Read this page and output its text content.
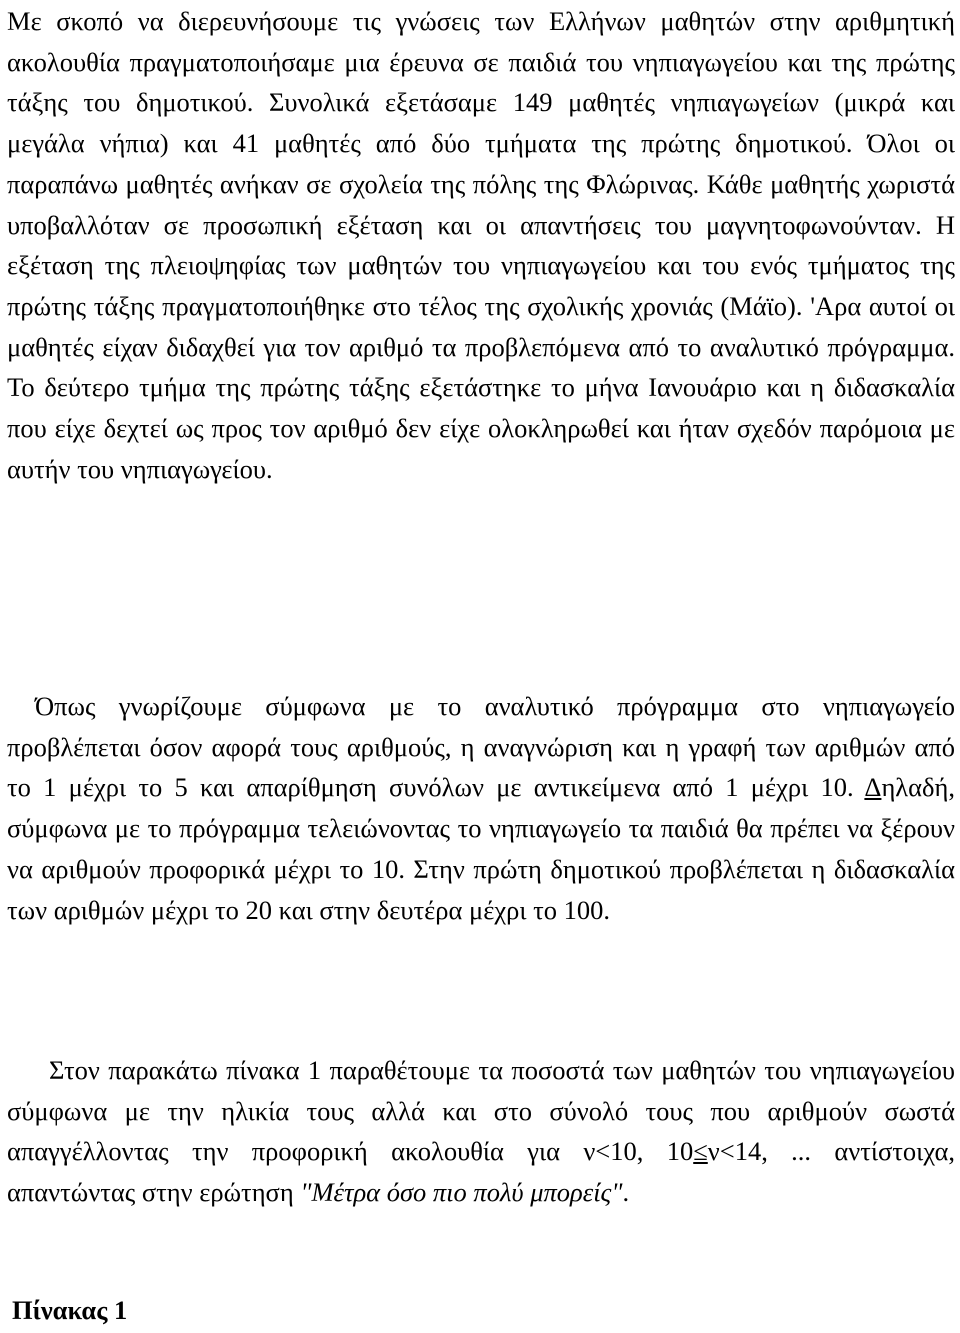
Με σκοπό να διερευνήσουμε τις γνώσεις των Ελλήνων μαθητών στην αριθμητική ακολουθία πραγματοποιήσαμε μια έρευνα σε παιδιά του νηπιαγωγείου και της πρώτης τάξης του δημοτικού. Συνολικά εξετάσαμε 149 μαθητές νηπιαγωγείων (μικρά και μεγάλα νήπια) και 41 μαθητές από δύο τμήματα της πρώτης δημοτικού. Όλοι οι παραπάνω μαθητές ανήκαν σε σχολεία της πόλης της Φλώρινας. Κάθε μαθητής χωριστά υποβαλλόταν σε προσωπική εξέταση και οι απαντήσεις του μαγνητοφωνούνταν. Η εξέταση της πλειοψηφίας των μαθητών του νηπιαγωγείου και του ενός τμήματος της πρώτης τάξης πραγματοποιήθηκε στο τέλος της σχολικής χρονιάς (Μάϊο). 'Αρα αυτοί οι μαθητές είχαν διδαχθεί για τον αριθμό τα προβλεπόμενα από το αναλυτικό πρόγραμμα. Το δεύτερο τμήμα της πρώτης τάξης εξετάστηκε το μήνα Ιανουάριο και η διδασκαλία που είχε δεχτεί ως προς τον αριθμό δεν είχε ολοκληρωθεί και ήταν σχεδόν παρόμοια με αυτήν του νηπιαγωγείου.

Όπως γνωρίζουμε σύμφωνα με το αναλυτικό πρόγραμμα στο νηπιαγωγείο προβλέπεται όσον αφορά τους αριθμούς, η αναγνώριση και η γραφή των αριθμών από το 1 μέχρι το 5 και απαρίθμηση συνόλων με αντικείμενα από 1 μέχρι 10. Δηλαδή, σύμφωνα με το πρόγραμμα τελειώνοντας το νηπιαγωγείο τα παιδιά θα πρέπει να ξέρουν να αριθμούν προφορικά μέχρι το 10. Στην πρώτη δημοτικού προβλέπεται η διδασκαλία των αριθμών μέχρι το 20 και στην δευτέρα μέχρι το 100.

Στον παρακάτω πίνακα 1 παραθέτουμε τα ποσοστά των μαθητών του νηπιαγωγείου σύμφωνα με την ηλικία τους αλλά και στο σύνολό τους πoυ αριθμούν σωστά απαγγέλλοντας την προφορική ακολουθία για ν<10, 10≤ν<14, ... αντίστοιχα, απαντώντας στην ερώτηση "Μέτρα όσο πιο πολύ μπορείς".

Πίνακας 1
